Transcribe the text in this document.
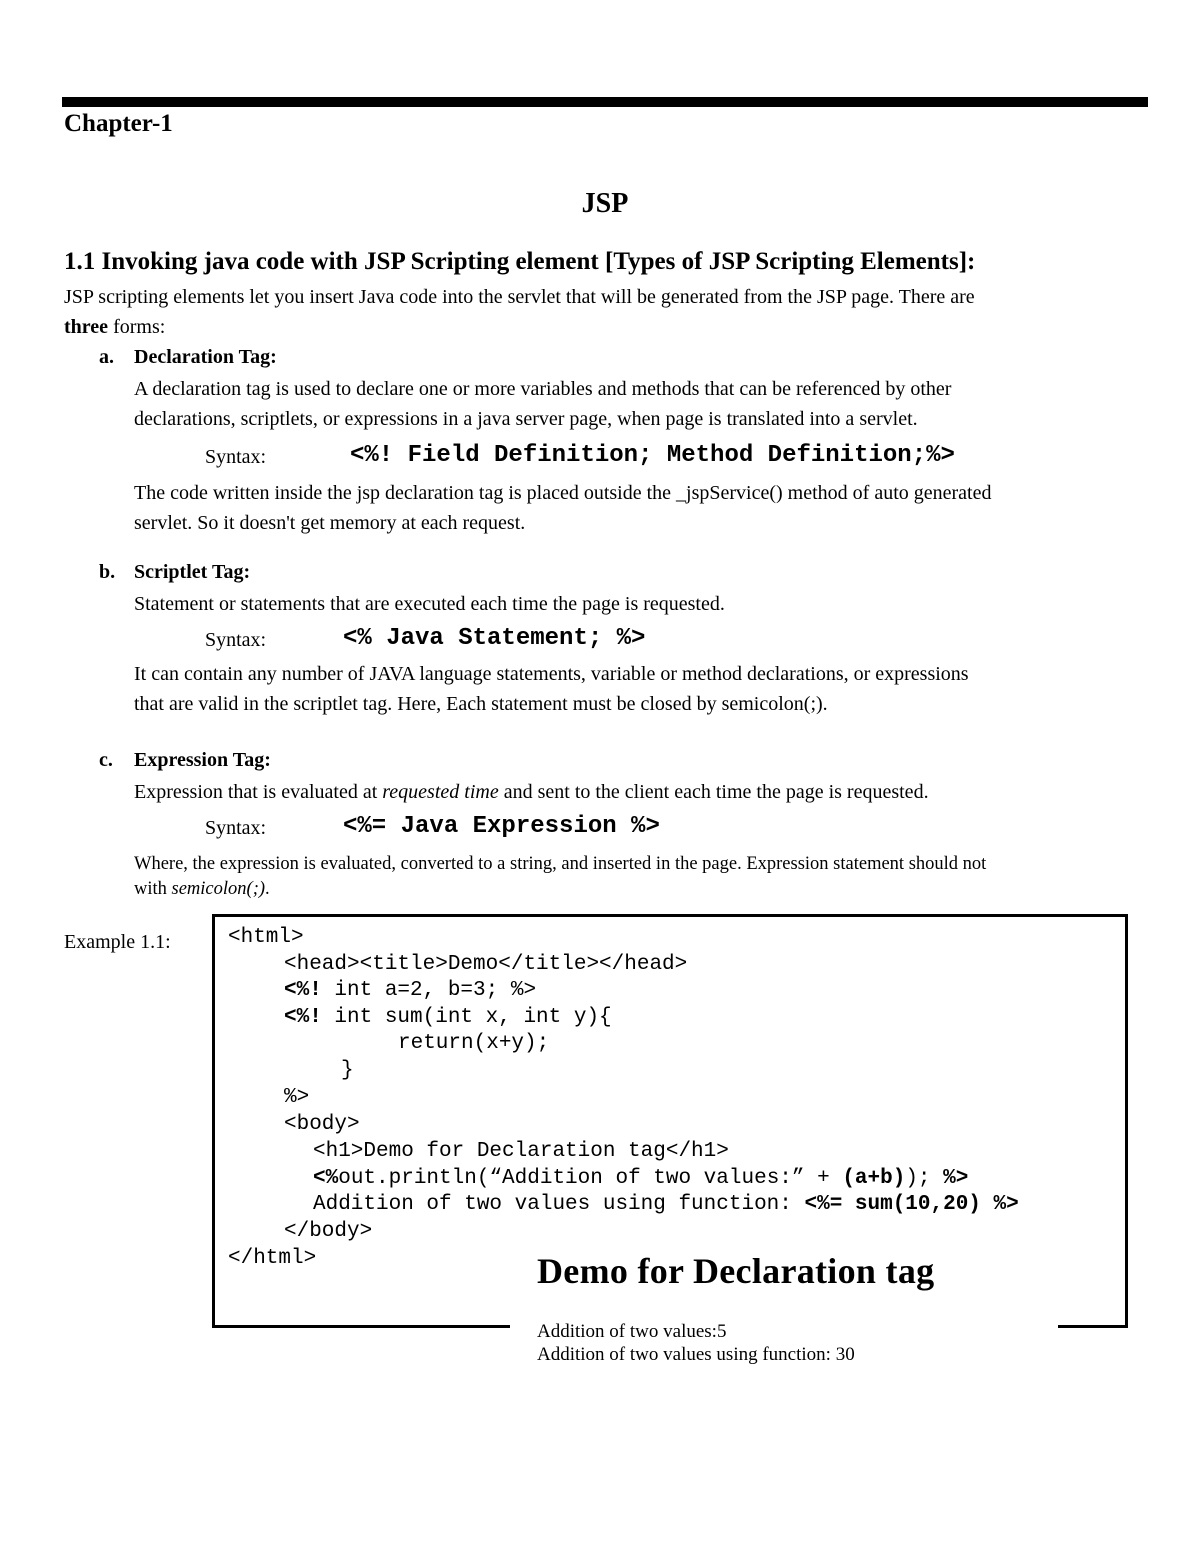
Chapter-1
JSP
1.1 Invoking java code with JSP Scripting element [Types of JSP Scripting Elements]:
JSP scripting elements let you insert Java code into the servlet that will be generated from the JSP page. There are
three forms:
a. Declaration Tag:
A declaration tag is used to declare one or more variables and methods that can be referenced by other
declarations, scriptlets, or expressions in a java server page, when page is translated into a servlet.
Syntax:	<%! Field Definition; Method Definition;%>
The code written inside the jsp declaration tag is placed outside the _jspService() method of auto generated
servlet. So it doesn't get memory at each request.
b. Scriptlet Tag:
Statement or statements that are executed each time the page is requested.
Syntax:	<% Java Statement; %>
It can contain any number of JAVA language statements, variable or method declarations, or expressions
that are valid in the scriptlet tag. Here, Each statement must be closed by semicolon(;).
c. Expression Tag:
Expression that is evaluated at requested time and sent to the client each time the page is requested.
Syntax:	<%= Java Expression %>
Where, the expression is evaluated, converted to a string, and inserted in the page. Expression statement should not
with semicolon(;).
Example 1.1:	<html>
<head><title>Demo</title></head>
<%! int a=2, b=3; %>
<%! int sum(int x, int y){
return(x+y);
}
%>
<body>
<h1>Demo for Declaration tag</h1>
<%out.println(“Addition of two values:” + (a+b)); %>
Addition of two values using function: <%= sum(10,20) %>
</body>
</html>	Demo for Declaration tag
Addition of two values:5
Addition of two values using function: 30
